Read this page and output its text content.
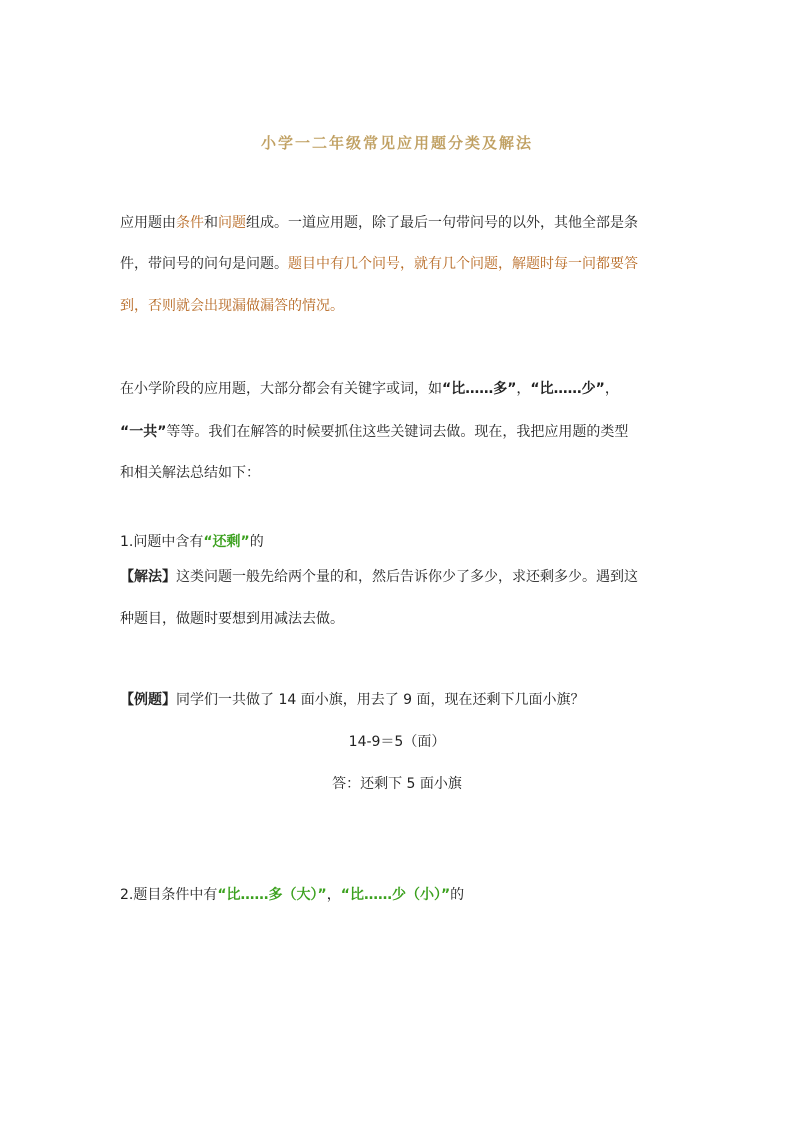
小学一二年级常见应用题分类及解法
应用题由条件和问题组成。一道应用题，除了最后一句带问号的以外，其他全部是条
件，带问号的问句是问题。题目中有几个问号，就有几个问题，解题时每一问都要答
到，否则就会出现漏做漏答的情况。
在小学阶段的应用题，大部分都会有关键字或词，如“比……多”，“比……少”，
“一共”等等。我们在解答的时候要抓住这些关键词去做。现在，我把应用题的类型
和相关解法总结如下：
1.问题中含有“还剩”的
【解法】这类问题一般先给两个量的和，然后告诉你少了多少，求还剩多少。遇到这
种题目，做题时要想到用减法去做。
【例题】同学们一共做了 14 面小旗，用去了 9 面，现在还剩下几面小旗？
14-9＝5（面）
答：还剩下 5 面小旗
2.题目条件中有“比……多（大）”，“比……少（小）”的
